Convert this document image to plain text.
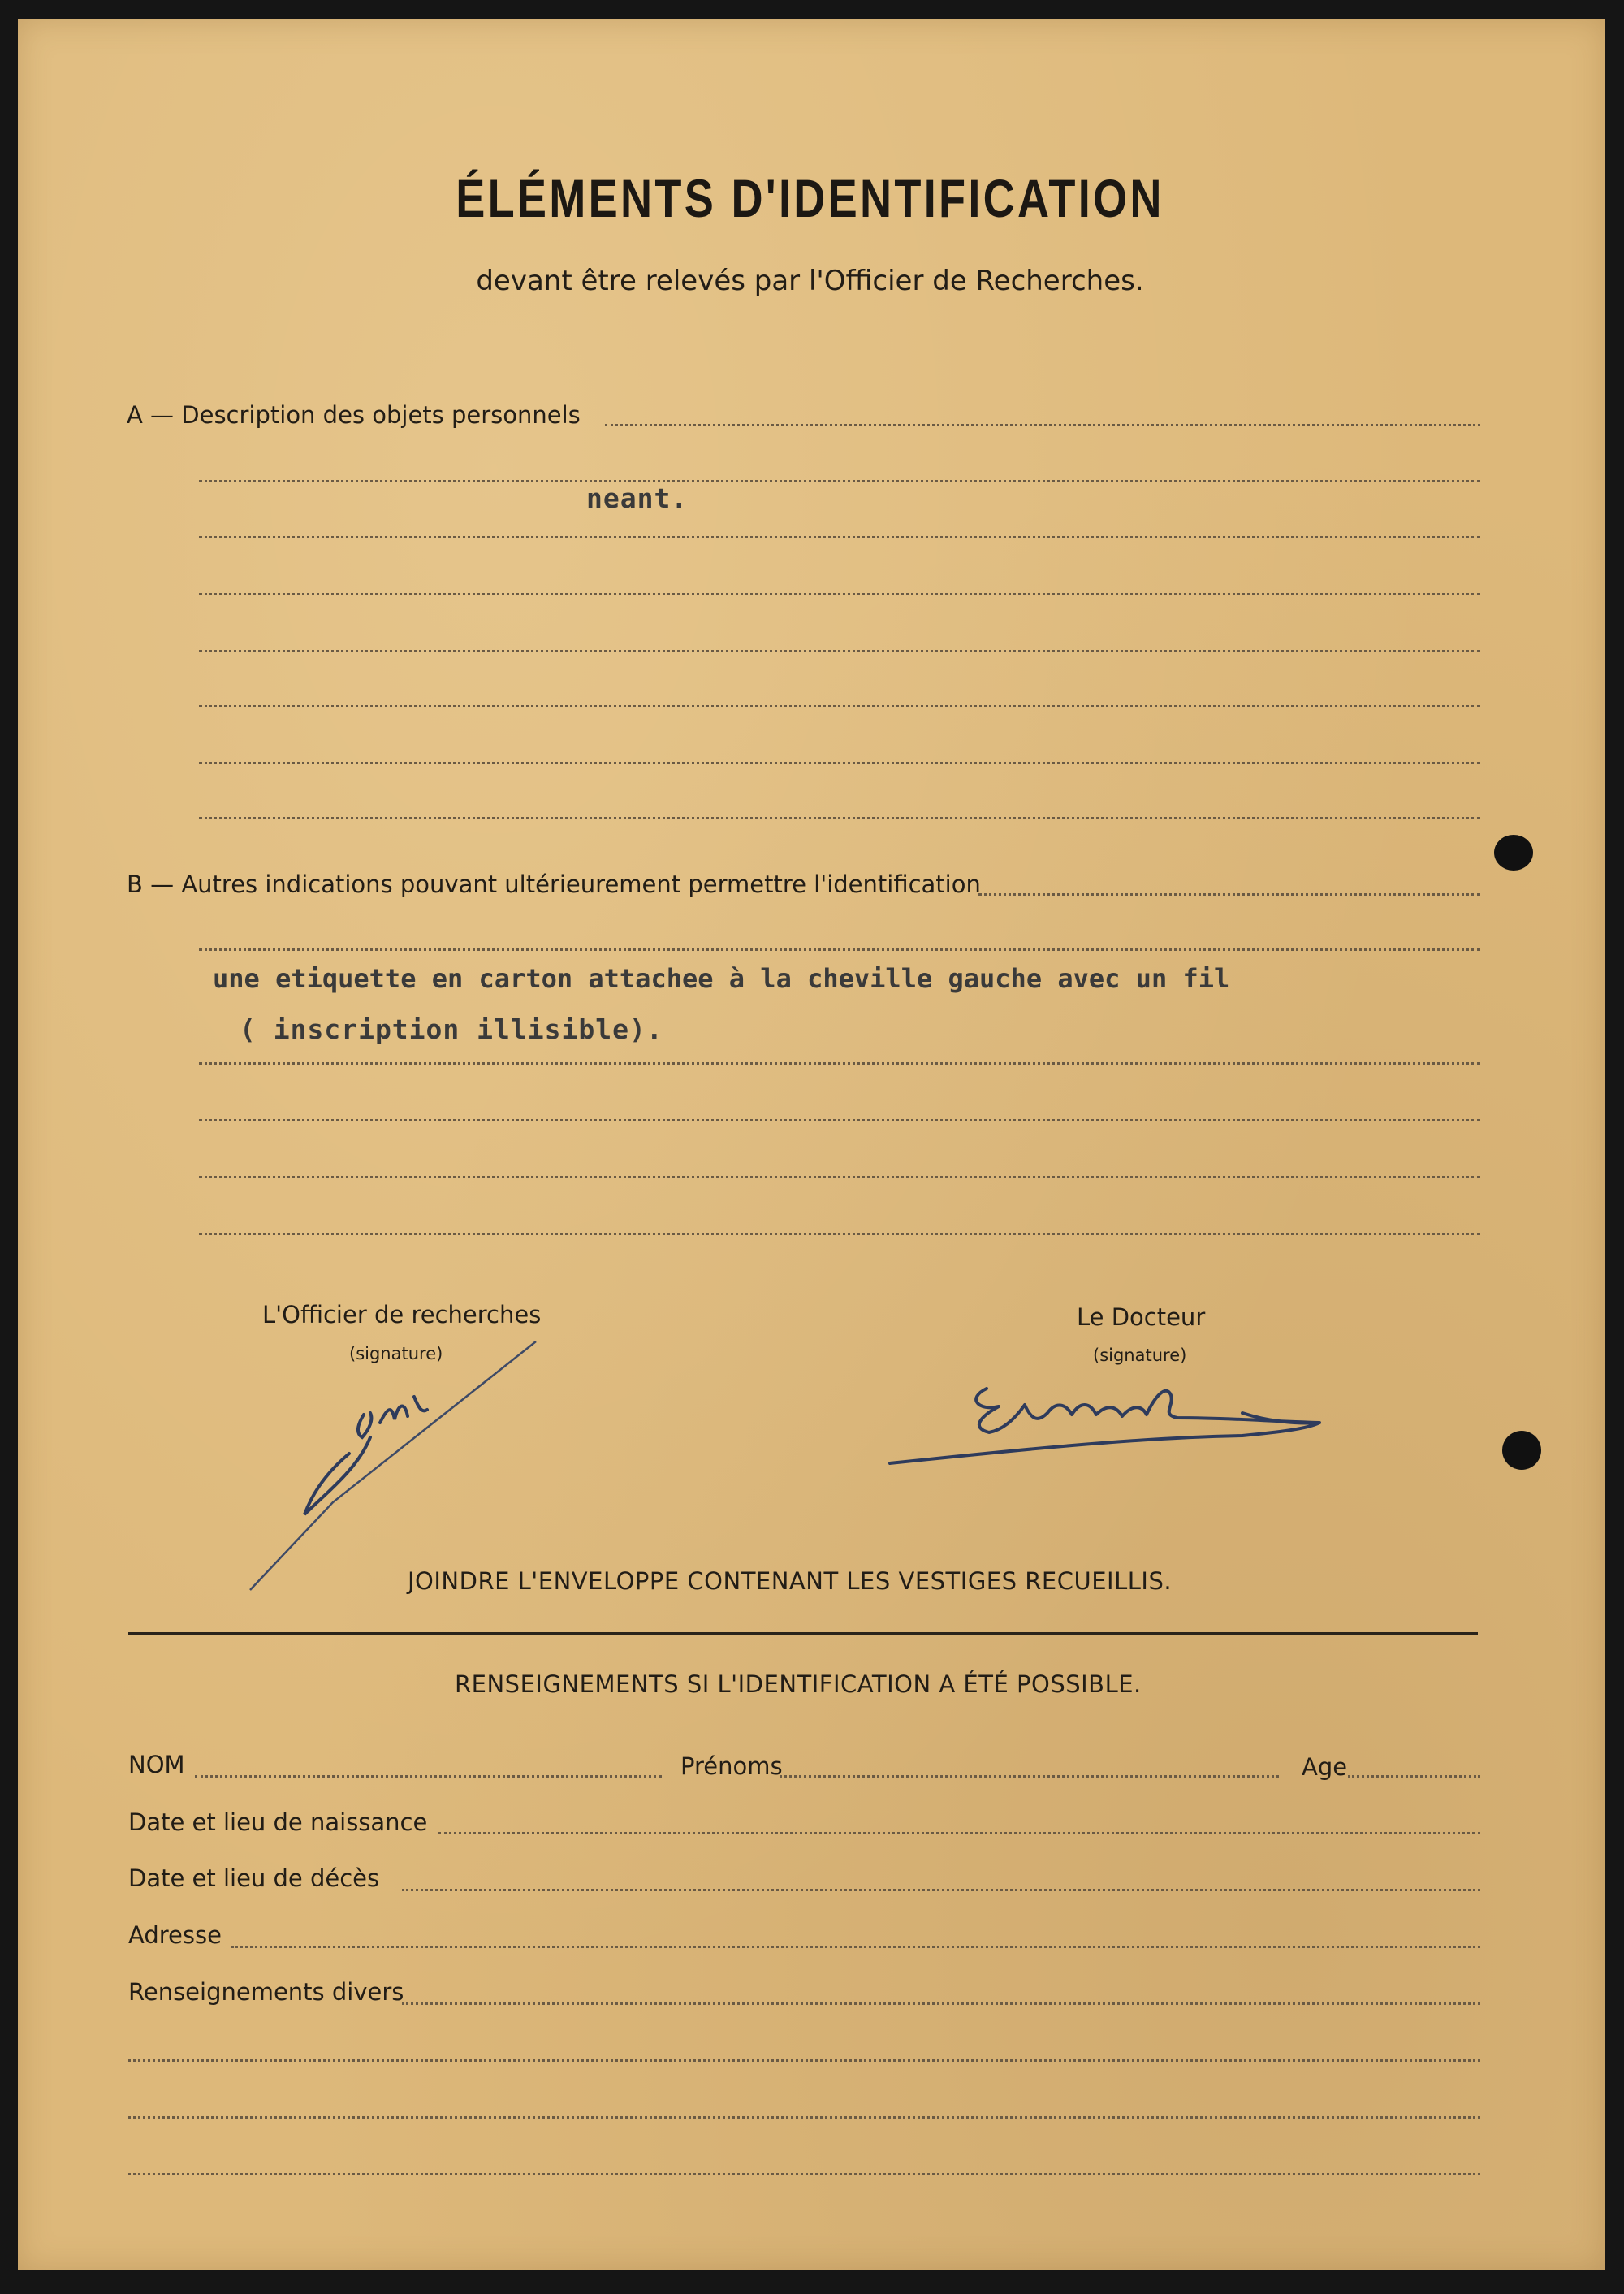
ÉLÉMENTS D'IDENTIFICATION
devant être relevés par l'Officier de Recherches.
A — Description des objets personnels
neant.
B — Autres indications pouvant ultérieurement permettre l'identification
une etiquette en carton attachee à la cheville gauche avec un fil
( inscription illisible).
L'Officier de recherches
(signature)
Le Docteur
(signature)
JOINDRE L'ENVELOPPE CONTENANT LES VESTIGES RECUEILLIS.
RENSEIGNEMENTS SI L'IDENTIFICATION A ÉTÉ POSSIBLE.
NOM	Prénoms	Age
Date et lieu de naissance
Date et lieu de décès
Adresse
Renseignements divers
